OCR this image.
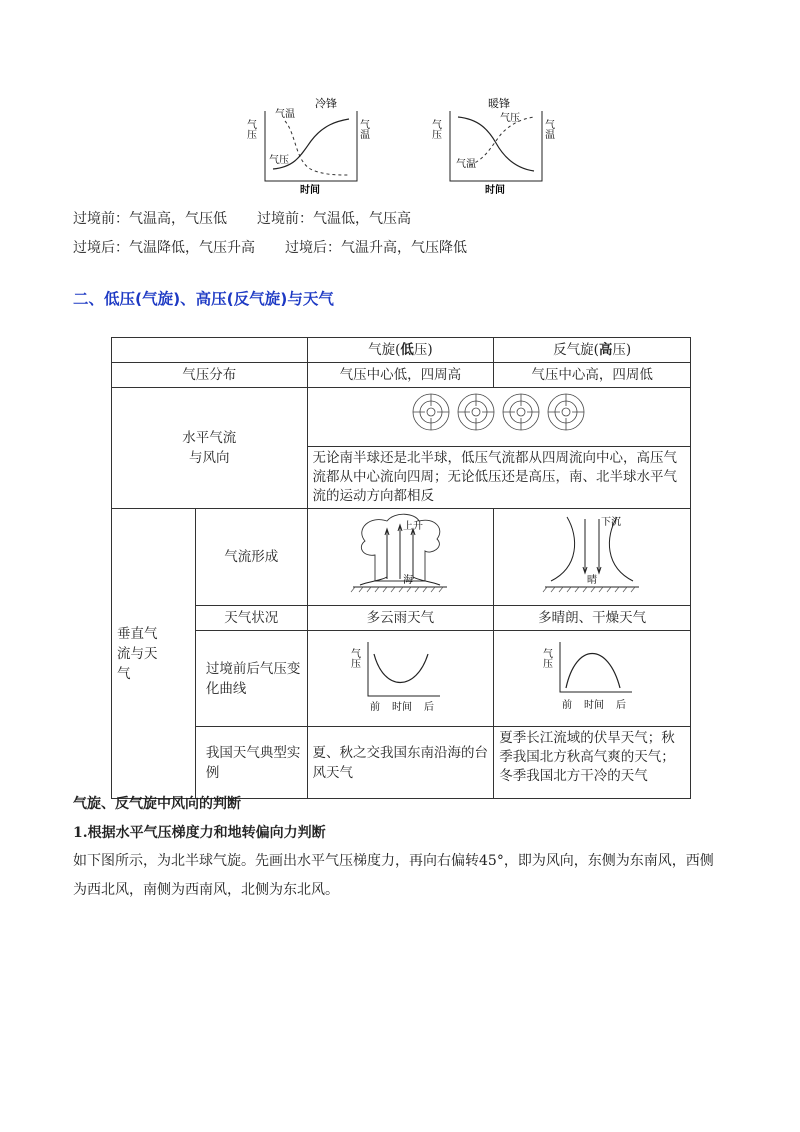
冷锋
气压	气温
气温
气压
时间
暖锋
气压	气温
气压
气温
时间
过境前：气温高，气压低 过境前：气温低，气压高
过境后：气温降低，气压升高 过境后：气温升高，气压降低
二、低压(气旋)、高压(反气旋)与天气
		气旋(低压)	反气旋(高压)
气压分布		气压中心低，四周高	气压中心高，四周低

水平气流
与风向

		无论南半球还是北半球，低压气流都从四周流向中心，高压气流都从中心流向四周；无论低压还是高压，南、北半球水平气流的运动方向都相反	
垂直气流与天气	气流形成	上升
海	下沉
晴

	天气状况	多云雨天气	多晴朗、干燥天气
	过境前后气压变化曲线	气压
前 时间 后	气压
前 时间 后

	我国天气典型实例	夏、秋之交我国东南沿海的台风天气	夏季长江流域的伏旱天气；秋季我国北方秋高气爽的天气；冬季我国北方干冷的天气
气旋、反气旋中风向的判断
1.根据水平气压梯度力和地转偏向力判断
如下图所示，为北半球气旋。先画出水平气压梯度力，再向右偏转45°，即为风向，东侧为东南风，西侧
为西北风，南侧为西南风，北侧为东北风。
